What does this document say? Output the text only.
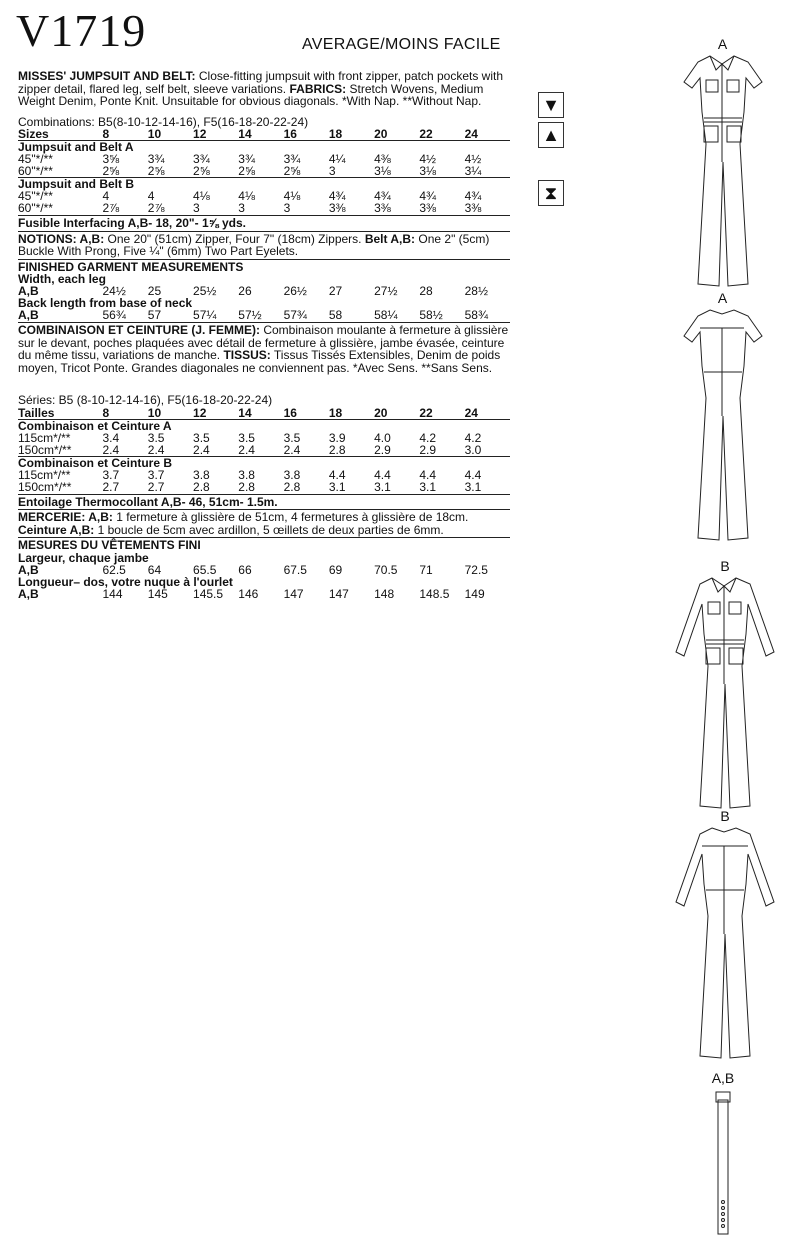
V1719	AVERAGE/MOINS FACILE

MISSES' JUMPSUIT AND BELT: Close-fitting jumpsuit with front zipper, patch pockets with zipper detail, flared leg, self belt, sleeve variations. FABRICS: Stretch Wovens, Medium Weight Denim, Ponte Knit. Unsuitable for obvious diagonals. *With Nap. **Without Nap.

Combinations: B5(8-10-12-14-16), F5(16-18-20-22-24)
Sizes	8	10	12	14	16	18	20	22	24
Jumpsuit and Belt A									
45"*/**	3⅝	3¾	3¾	3¾	3¾	4¼	4⅜	4½	4½
60"*/**	2⅝	2⅝	2⅝	2⅝	2⅝	3	3⅛	3⅛	3¼

Jumpsuit and Belt B									
45"*/**	4	4	4⅛	4⅛	4⅛	4¾	4¾	4¾	4¾
60"*/**	2⅞	2⅞	3	3	3	3⅜	3⅜	3⅜	3⅜
Fusible Interfacing A,B- 18, 20"- 1⅝ yds.

NOTIONS: A,B: One 20" (51cm) Zipper, Four 7" (18cm) Zippers. Belt A,B: One 2" (5cm) Buckle With Prong, Five ¼" (6mm) Two Part Eyelets.

FINISHED GARMENT MEASUREMENTS
Width, each leg									
A,B	24½	25	25½	26	26½	27	27½	28	28½
Back length from base of neck									
A,B	56¾	57	57¼	57½	57¾	58	58¼	58½	58¾

COMBINAISON ET CEINTURE (J. FEMME): Combinaison moulante à fermeture à glissière sur le devant, poches plaquées avec détail de fermeture à glissière, jambe évasée, ceinture du même tissu, variations de manche. TISSUS: Tissus Tissés Extensibles, Denim de poids moyen, Tricot Ponte. Grandes diagonales ne conviennent pas. *Avec Sens. **Sans Sens.

Séries: B5 (8-10-12-14-16), F5(16-18-20-22-24)
Tailles	8	10	12	14	16	18	20	22	24
Combinaison et Ceinture A									
115cm*/**	3.4	3.5	3.5	3.5	3.5	3.9	4.0	4.2	4.2
150cm*/**	2.4	2.4	2.4	2.4	2.4	2.8	2.9	2.9	3.0

Combinaison et Ceinture B									
115cm*/**	3.7	3.7	3.8	3.8	3.8	4.4	4.4	4.4	4.4
150cm*/**	2.7	2.7	2.8	2.8	2.8	3.1	3.1	3.1	3.1
Entoilage Thermocollant A,B- 46, 51cm- 1.5m.

MERCERIE: A,B: 1 fermeture à glissière de 51cm, 4 fermetures à glissière de 18cm.
Ceinture A,B: 1 boucle de 5cm avec ardillon, 5 œillets de deux parties de 6mm.

MESURES DU VÊTEMENTS FINI
Largeur, chaque jambe									
A,B	62.5	64	65.5	66	67.5	69	70.5	71	72.5
Longueur– dos, votre nuque à l'ourlet									
A,B	144	145	145.5	146	147	147	148	148.5	149
▼
▲
⧗
A
A
B
B
A,B
